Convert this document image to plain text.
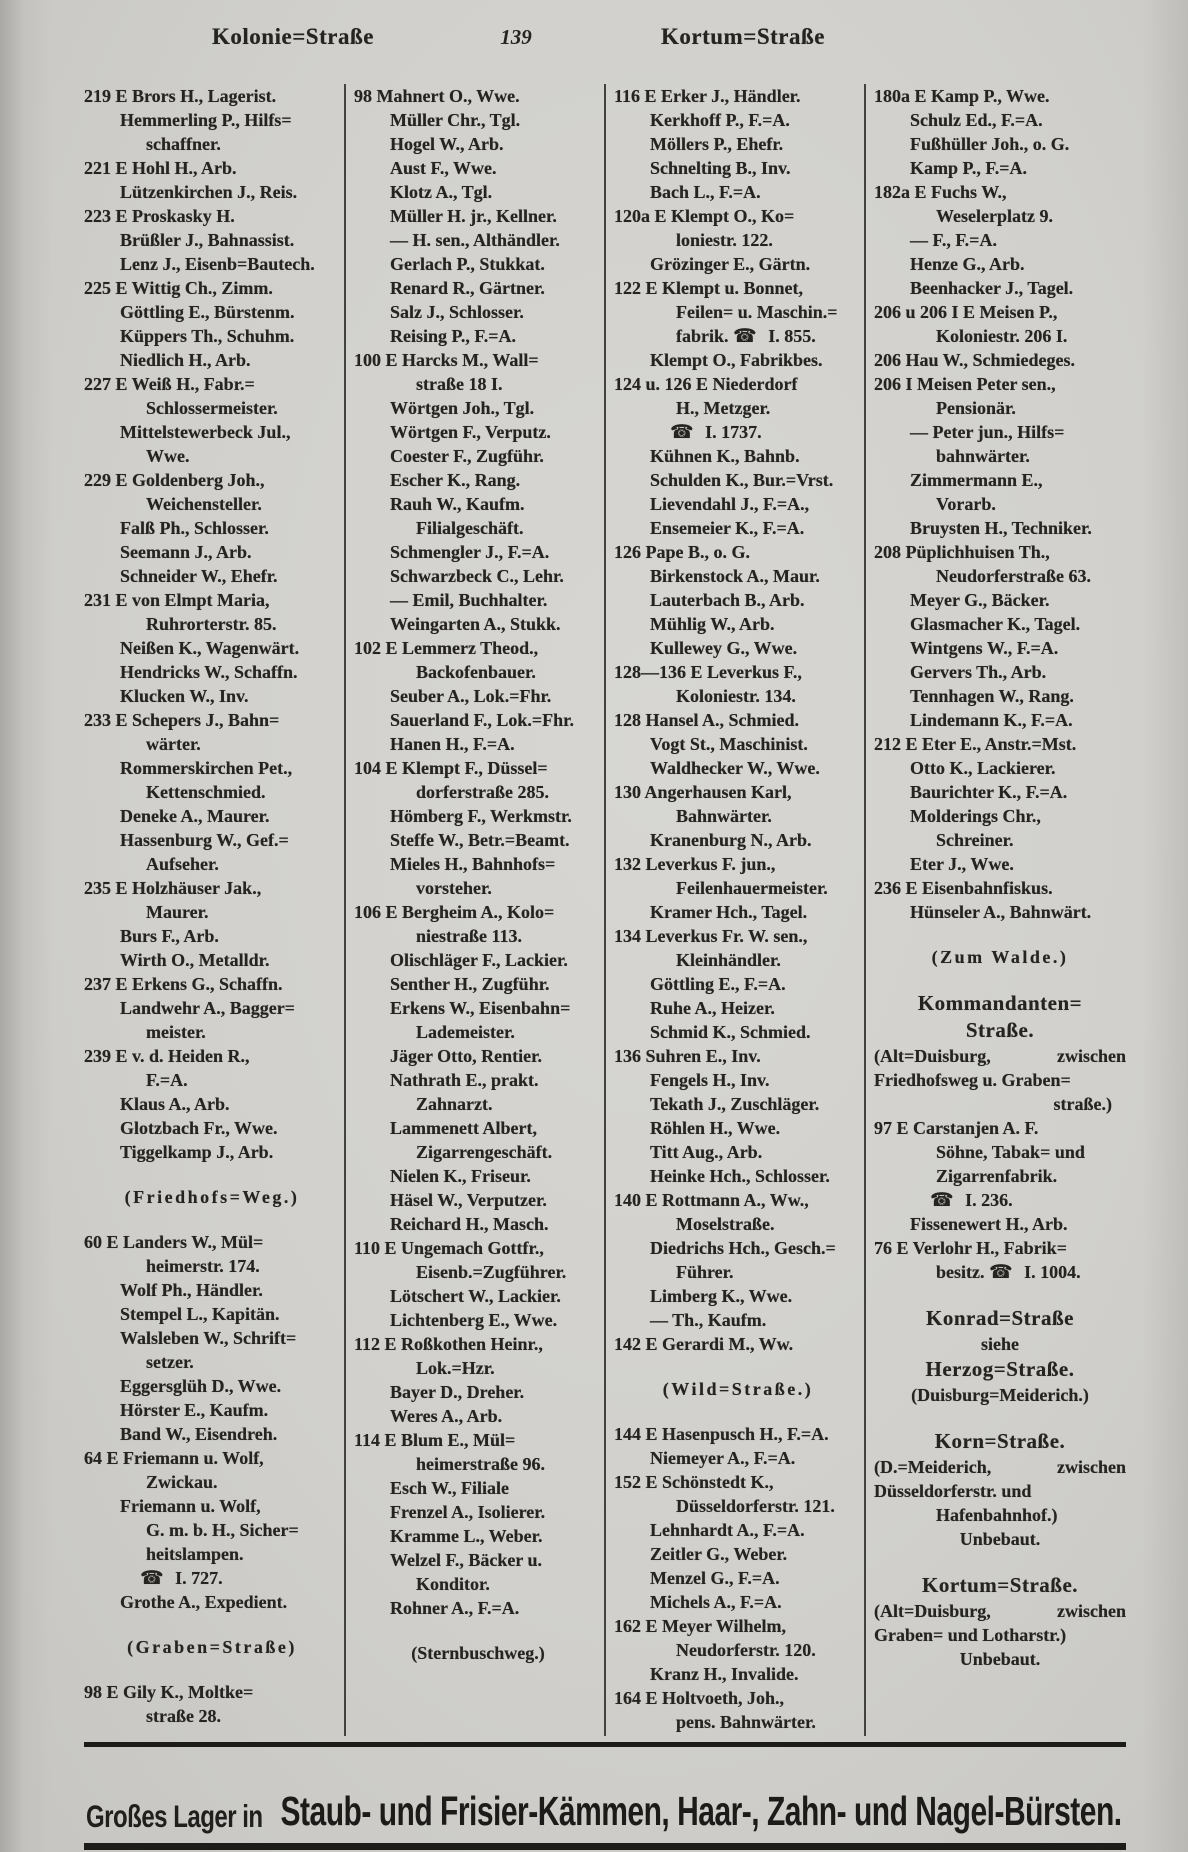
Kolonie=Straße	139	Kortum=Straße
219 E Brors H., Lagerist.
Hemmerling P., Hilfs=
schaffner.
221 E Hohl H., Arb.
Lützenkirchen J., Reis.
223 E Proskasky H.
Brüßler J., Bahnassist.
Lenz J., Eisenb=Bautech.
225 E Wittig Ch., Zimm.
Göttling E., Bürstenm.
Küppers Th., Schuhm.
Niedlich H., Arb.
227 E Weiß H., Fabr.=
Schlossermeister.
Mittelstewerbeck Jul.,
Wwe.
229 E Goldenberg Joh.,
Weichensteller.
Falß Ph., Schlosser.
Seemann J., Arb.
Schneider W., Ehefr.
231 E von Elmpt Maria,
Ruhrorterstr. 85.
Neißen K., Wagenwärt.
Hendricks W., Schaffn.
Klucken W., Inv.
233 E Schepers J., Bahn=
wärter.
Rommerskirchen Pet.,
Kettenschmied.
Deneke A., Maurer.
Hassenburg W., Gef.=
Aufseher.
235 E Holzhäuser Jak.,
Maurer.
Burs F., Arb.
Wirth O., Metalldr.
237 E Erkens G., Schaffn.
Landwehr A., Bagger=
meister.
239 E v. d. Heiden R.,
F.=A.
Klaus A., Arb.
Glotzbach Fr., Wwe.
Tiggelkamp J., Arb.
(Friedhofs=Weg.)
60 E Landers W., Mül=
heimerstr. 174.
Wolf Ph., Händler.
Stempel L., Kapitän.
Walsleben W., Schrift=
setzer.
Eggersglüh D., Wwe.
Hörster E., Kaufm.
Band W., Eisendreh.
64 E Friemann u. Wolf,
Zwickau.
Friemann u. Wolf,
G. m. b. H., Sicher=
heitslampen.
☎ I. 727.
Grothe A., Expedient.
(Graben=Straße)
98 E Gily K., Moltke=
straße 28.
98 Mahnert O., Wwe.
Müller Chr., Tgl.
Hogel W., Arb.
Aust F., Wwe.
Klotz A., Tgl.
Müller H. jr., Kellner.
— H. sen., Althändler.
Gerlach P., Stukkat.
Renard R., Gärtner.
Salz J., Schlosser.
Reising P., F.=A.
100 E Harcks M., Wall=
straße 18 I.
Wörtgen Joh., Tgl.
Wörtgen F., Verputz.
Coester F., Zugführ.
Escher K., Rang.
Rauh W., Kaufm.
Filialgeschäft.
Schmengler J., F.=A.
Schwarzbeck C., Lehr.
— Emil, Buchhalter.
Weingarten A., Stukk.
102 E Lemmerz Theod.,
Backofenbauer.
Seuber A., Lok.=Fhr.
Sauerland F., Lok.=Fhr.
Hanen H., F.=A.
104 E Klempt F., Düssel=
dorferstraße 285.
Hömberg F., Werkmstr.
Steffe W., Betr.=Beamt.
Mieles H., Bahnhofs=
vorsteher.
106 E Bergheim A., Kolo=
niestraße 113.
Olischläger F., Lackier.
Senther H., Zugführ.
Erkens W., Eisenbahn=
Lademeister.
Jäger Otto, Rentier.
Nathrath E., prakt.
Zahnarzt.
Lammenett Albert,
Zigarrengeschäft.
Nielen K., Friseur.
Häsel W., Verputzer.
Reichard H., Masch.
110 E Ungemach Gottfr.,
Eisenb.=Zugführer.
Lötschert W., Lackier.
Lichtenberg E., Wwe.
112 E Roßkothen Heinr.,
Lok.=Hzr.
Bayer D., Dreher.
Weres A., Arb.
114 E Blum E., Mül=
heimerstraße 96.
Esch W., Filiale
Frenzel A., Isolierer.
Kramme L., Weber.
Welzel F., Bäcker u.
Konditor.
Rohner A., F.=A.
(Sternbuschweg.)
116 E Erker J., Händler.
Kerkhoff P., F.=A.
Möllers P., Ehefr.
Schnelting B., Inv.
Bach L., F.=A.
120a E Klempt O., Ko=
loniestr. 122.
Grözinger E., Gärtn.
122 E Klempt u. Bonnet,
Feilen= u. Maschin.=
fabrik. ☎ I. 855.
Klempt O., Fabrikbes.
124 u. 126 E Niederdorf
H., Metzger.
☎ I. 1737.
Kühnen K., Bahnb.
Schulden K., Bur.=Vrst.
Lievendahl J., F.=A.,
Ensemeier K., F.=A.
126 Pape B., o. G.
Birkenstock A., Maur.
Lauterbach B., Arb.
Mühlig W., Arb.
Kullewey G., Wwe.
128—136 E Leverkus F.,
Koloniestr. 134.
128 Hansel A., Schmied.
Vogt St., Maschinist.
Waldhecker W., Wwe.
130 Angerhausen Karl,
Bahnwärter.
Kranenburg N., Arb.
132 Leverkus F. jun.,
Feilenhauermeister.
Kramer Hch., Tagel.
134 Leverkus Fr. W. sen.,
Kleinhändler.
Göttling E., F.=A.
Ruhe A., Heizer.
Schmid K., Schmied.
136 Suhren E., Inv.
Fengels H., Inv.
Tekath J., Zuschläger.
Röhlen H., Wwe.
Titt Aug., Arb.
Heinke Hch., Schlosser.
140 E Rottmann A., Ww.,
Moselstraße.
Diedrichs Hch., Gesch.=
Führer.
Limberg K., Wwe.
— Th., Kaufm.
142 E Gerardi M., Ww.
(Wild=Straße.)
144 E Hasenpusch H., F.=A.
Niemeyer A., F.=A.
152 E Schönstedt K.,
Düsseldorferstr. 121.
Lehnhardt A., F.=A.
Zeitler G., Weber.
Menzel G., F.=A.
Michels A., F.=A.
162 E Meyer Wilhelm,
Neudorferstr. 120.
Kranz H., Invalide.
164 E Holtvoeth, Joh.,
pens. Bahnwärter.
180a E Kamp P., Wwe.
Schulz Ed., F.=A.
Fußhüller Joh., o. G.
Kamp P., F.=A.
182a E Fuchs W.,
Weselerplatz 9.
— F., F.=A.
Henze G., Arb.
Beenhacker J., Tagel.
206 u 206 I E Meisen P.,
Koloniestr. 206 I.
206 Hau W., Schmiedeges.
206 I Meisen Peter sen.,
Pensionär.
— Peter jun., Hilfs=
bahnwärter.
Zimmermann E.,
Vorarb.
Bruysten H., Techniker.
208 Püplichhuisen Th.,
Neudorferstraße 63.
Meyer G., Bäcker.
Glasmacher K., Tagel.
Wintgens W., F.=A.
Gervers Th., Arb.
Tennhagen W., Rang.
Lindemann K., F.=A.
212 E Eter E., Anstr.=Mst.
Otto K., Lackierer.
Baurichter K., F.=A.
Molderings Chr.,
Schreiner.
Eter J., Wwe.
236 E Eisenbahnfiskus.
Hünseler A., Bahnwärt.
(Zum Walde.)
Kommandanten=
Straße.
(Alt=Duisburg, zwischen
Friedhofsweg u. Graben=
straße.)
97 E Carstanjen A. F.
Söhne, Tabak= und
Zigarrenfabrik.
☎ I. 236.
Fissenewert H., Arb.
76 E Verlohr H., Fabrik=
besitz. ☎ I. 1004.
Konrad=Straße
siehe
Herzog=Straße.
(Duisburg=Meiderich.)
Korn=Straße.
(D.=Meiderich, zwischen
Düsseldorferstr. und
Hafenbahnhof.)
Unbebaut.
Kortum=Straße.
(Alt=Duisburg, zwischen
Graben= und Lotharstr.)
Unbebaut.
Großes Lager in Staub- und Frisier-Kämmen, Haar-, Zahn- und Nagel-Bürsten.
